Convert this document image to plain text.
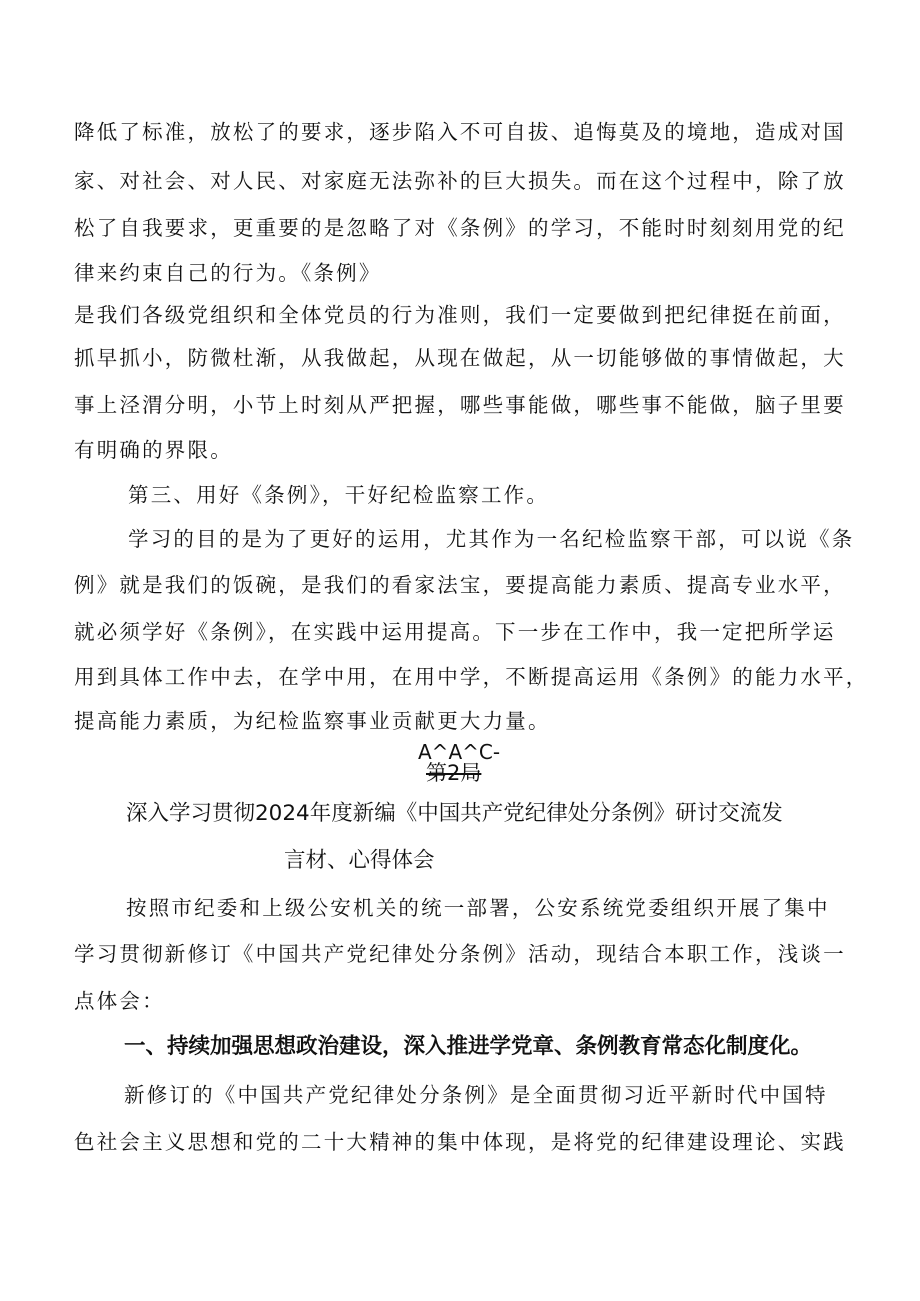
降低了标准，放松了的要求，逐步陷入不可自拔、追悔莫及的境地，造成对国
家、对社会、对人民、对家庭无法弥补的巨大损失。而在这个过程中，除了放
松了自我要求，更重要的是忽略了对《条例》的学习，不能时时刻刻用党的纪
律来约束自己的行为。《条例》
是我们各级党组织和全体党员的行为准则，我们一定要做到把纪律挺在前面，
抓早抓小，防微杜渐，从我做起，从现在做起，从一切能够做的事情做起，大
事上泾渭分明，小节上时刻从严把握，哪些事能做，哪些事不能做，脑子里要
有明确的界限。
第三、用好《条例》，干好纪检监察工作。
学习的目的是为了更好的运用，尤其作为一名纪检监察干部，可以说《条
例》就是我们的饭碗，是我们的看家法宝，要提高能力素质、提高专业水平，
就必须学好《条例》，在实践中运用提高。下一步在工作中，我一定把所学运
用到具体工作中去，在学中用，在用中学，不断提高运用《条例》的能力水平，
提高能力素质，为纪检监察事业贡献更大力量。
A^A^C-
第2局
深入学习贯彻2024年度新编《中国共产党纪律处分条例》研讨交流发
言材、心得体会
按照市纪委和上级公安机关的统一部署，公安系统党委组织开展了集中
学习贯彻新修订《中国共产党纪律处分条例》活动，现结合本职工作，浅谈一
点体会：
一、持续加强思想政治建设，深入推进学党章、条例教育常态化制度化。
新修订的《中国共产党纪律处分条例》是全面贯彻习近平新时代中国特
色社会主义思想和党的二十大精神的集中体现，是将党的纪律建设理论、实践
